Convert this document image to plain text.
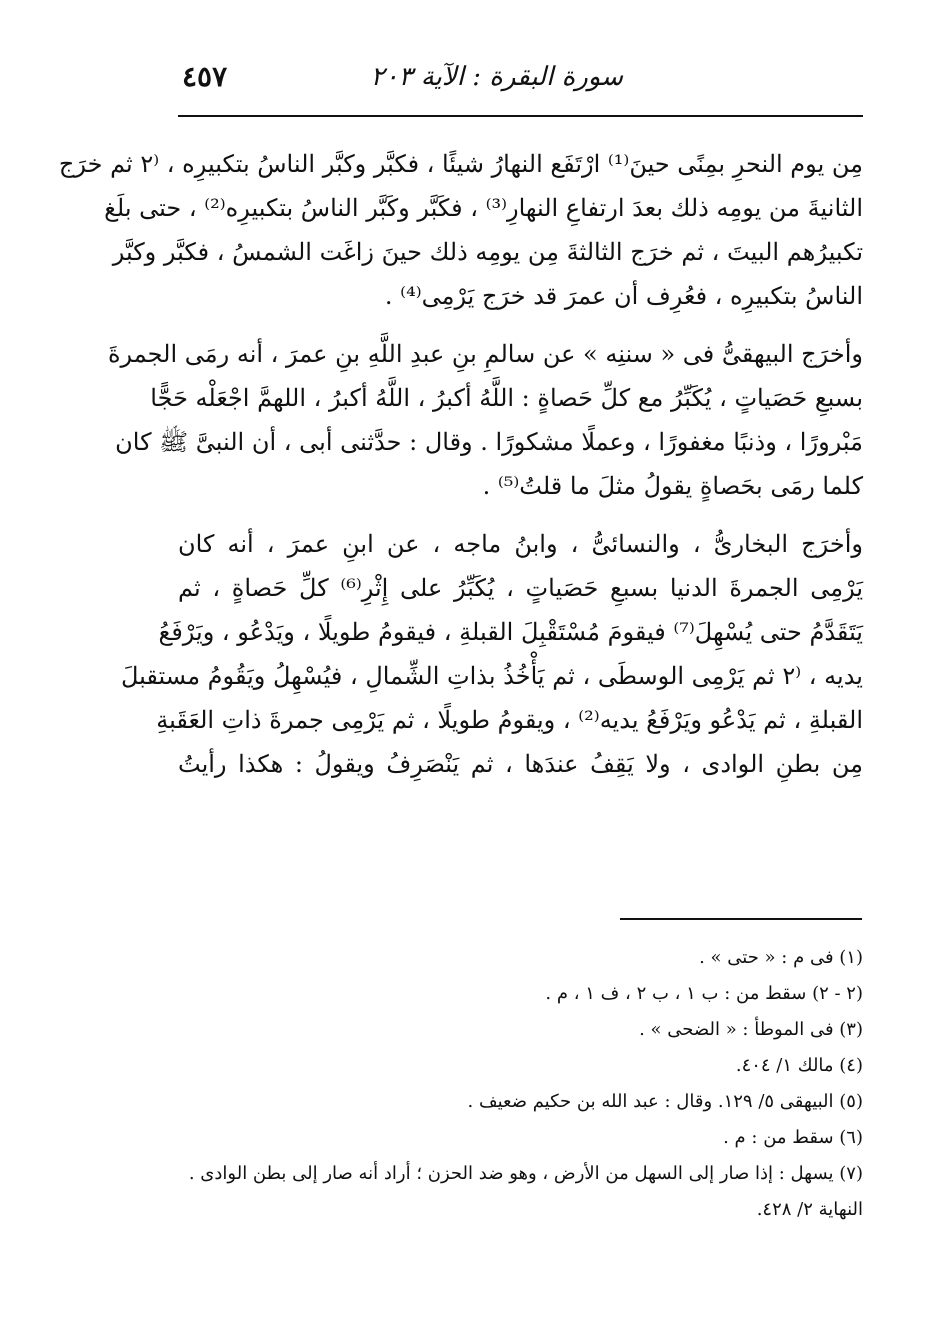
سورة البقرة : الآية ٢٠٣
٤٥٧
مِن يوم النحرِ بمِنًى حينَ⁽¹⁾ ارْتَفَع النهارُ شيئًا ، فكبَّر وكبَّر الناسُ بتكبيرِه ، ⁽٢ ثم خرَج
الثانيةَ من يومِه ذلك بعدَ ارتفاعِ النهارِ⁽³⁾ ، فكَبَّر وكَبَّر الناسُ بتكبيرِه⁽²⁾ ، حتى بلَغ
تكبيرُهم البيتَ ، ثم خرَج الثالثةَ مِن يومِه ذلك حينَ زاغَت الشمسُ ، فكبَّر وكبَّر
الناسُ بتكبيرِه ، فعُرِف أن عمرَ قد خرَج يَرْمِى⁽⁴⁾ .
وأخرَج البيهقىُّ فى « سننِه » عن سالمِ بنِ عبدِ اللَّهِ بنِ عمرَ ، أنه رمَى الجمرةَ
بسبعِ حَصَياتٍ ، يُكَبِّرُ مع كلِّ حَصاةٍ : اللَّهُ أكبرُ ، اللَّهُ أكبرُ ، اللهمَّ اجْعَلْه حَجًّا
مَبْرورًا ، وذنبًا مغفورًا ، وعملًا مشكورًا . وقال : حدَّثنى أبى ، أن النبىَّ ﷺ كان
كلما رمَى بحَصاةٍ يقولُ مثلَ ما قلتُ⁽⁵⁾ .
وأخرَج البخارىُّ ، والنسائىُّ ، وابنُ ماجه ، عن ابنِ عمرَ ، أنه كان
يَرْمِى الجمرةَ الدنيا بسبعِ حَصَياتٍ ، يُكَبِّرُ على إِثْرِ⁽⁶⁾ كلِّ حَصاةٍ ، ثم
يَتَقَدَّمُ حتى يُسْهِلَ⁽⁷⁾ فيقومَ مُسْتَقْبِلَ القبلةِ ، فيقومُ طويلًا ، ويَدْعُو ، ويَرْفَعُ
يديه ، ⁽٢ ثم يَرْمِى الوسطَى ، ثم يَأْخُذُ بذاتِ الشِّمالِ ، فيُسْهِلُ ويَقُومُ مستقبلَ
القبلةِ ، ثم يَدْعُو ويَرْفَعُ يديه⁽²⁾ ، ويقومُ طويلًا ، ثم يَرْمِى جمرةَ ذاتِ العَقَبةِ
مِن بطنِ الوادى ، ولا يَقِفُ عندَها ، ثم يَنْصَرِفُ ويقولُ : هكذا رأيتُ
(١) فى م : « حتى » .
(٢ - ٢) سقط من : ب ١ ، ب ٢ ، ف ١ ، م .
(٣) فى الموطأ : « الضحى » .
(٤) مالك ١/ ٤٠٤.
(٥) البيهقى ٥/ ١٢٩. وقال : عبد الله بن حكيم ضعيف .
(٦) سقط من : م .
(٧) يسهل : إذا صار إلى السهل من الأرض ، وهو ضد الحزن ؛ أراد أنه صار إلى بطن الوادى .
النهاية ٢/ ٤٢٨.
